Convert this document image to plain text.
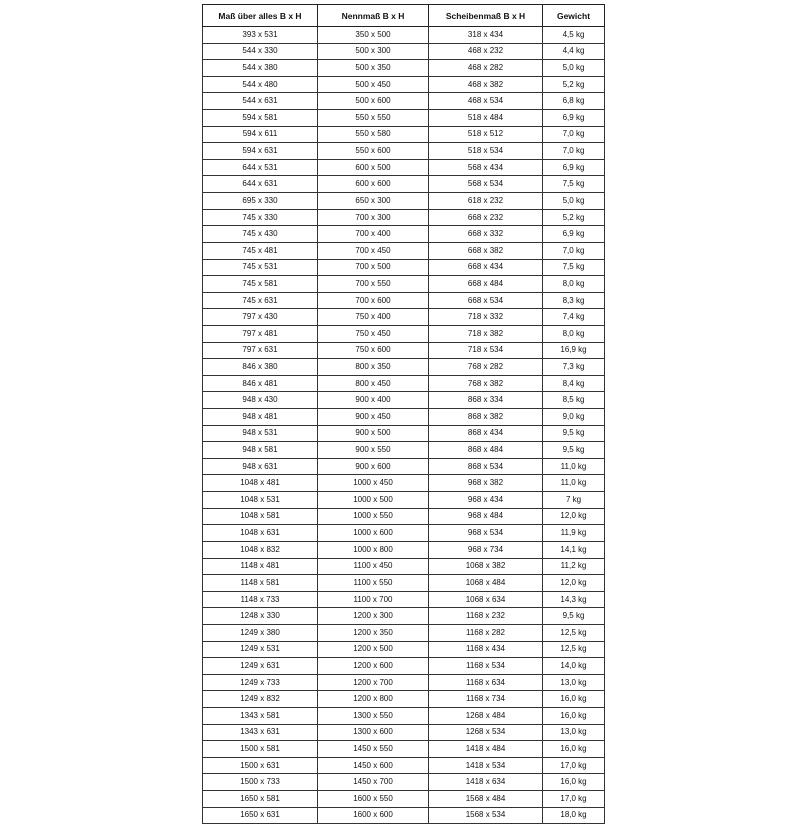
Maß über alles B x H	Nennmaß B x H	Scheibenmaß B x H	Gewicht
393 x 531	350 x 500	318 x 434	4,5 kg
544 x 330	500 x 300	468 x 232	4,4 kg
544 x 380	500 x 350	468 x 282	5,0 kg
544 x 480	500 x 450	468 x 382	5,2 kg
544 x 631	500 x 600	468 x 534	6,8 kg
594 x 581	550 x 550	518 x 484	6,9 kg
594 x 611	550 x 580	518 x 512	7,0 kg
594 x 631	550 x 600	518 x 534	7,0 kg
644 x 531	600 x 500	568 x 434	6,9 kg
644 x 631	600 x 600	568 x 534	7,5 kg
695 x 330	650 x 300	618 x 232	5,0 kg
745 x 330	700 x 300	668 x 232	5,2 kg
745 x 430	700 x 400	668 x 332	6,9 kg
745 x 481	700 x 450	668 x 382	7,0 kg
745 x 531	700 x 500	668 x 434	7,5 kg
745 x 581	700 x 550	668 x 484	8,0 kg
745 x 631	700 x 600	668 x 534	8,3 kg
797 x 430	750 x 400	718 x 332	7,4 kg
797 x 481	750 x 450	718 x 382	8,0 kg
797 x 631	750 x 600	718 x 534	16,9 kg
846 x 380	800 x 350	768 x 282	7,3 kg
846 x 481	800 x 450	768 x 382	8,4 kg
948 x 430	900 x 400	868 x 334	8,5 kg
948 x 481	900 x 450	868 x 382	9,0 kg
948 x 531	900 x 500	868 x 434	9,5 kg
948 x 581	900 x 550	868 x 484	9,5 kg
948 x 631	900 x 600	868 x 534	11,0 kg
1048 x 481	1000 x 450	968 x 382	11,0 kg
1048 x 531	1000 x 500	968 x 434	7 kg
1048 x 581	1000 x 550	968 x 484	12,0 kg
1048 x 631	1000 x 600	968 x 534	11,9 kg
1048 x 832	1000 x 800	968 x 734	14,1 kg
1148 x 481	1100 x 450	1068 x 382	11,2 kg
1148 x 581	1100 x 550	1068 x 484	12,0 kg
1148 x 733	1100 x 700	1068 x 634	14,3 kg
1248 x 330	1200 x 300	1168 x 232	9,5 kg
1249 x 380	1200 x 350	1168 x 282	12,5 kg
1249 x 531	1200 x 500	1168 x 434	12,5 kg
1249 x 631	1200 x 600	1168 x 534	14,0 kg
1249 x 733	1200 x 700	1168 x 634	13,0 kg
1249 x 832	1200 x 800	1168 x 734	16,0 kg
1343 x 581	1300 x 550	1268 x 484	16,0 kg
1343 x 631	1300 x 600	1268 x 534	13,0 kg
1500 x 581	1450 x 550	1418 x 484	16,0 kg
1500 x 631	1450 x 600	1418 x 534	17,0 kg
1500 x 733	1450 x 700	1418 x 634	16,0 kg
1650 x 581	1600 x 550	1568 x 484	17,0 kg
1650 x 631	1600 x 600	1568 x 534	18,0 kg
